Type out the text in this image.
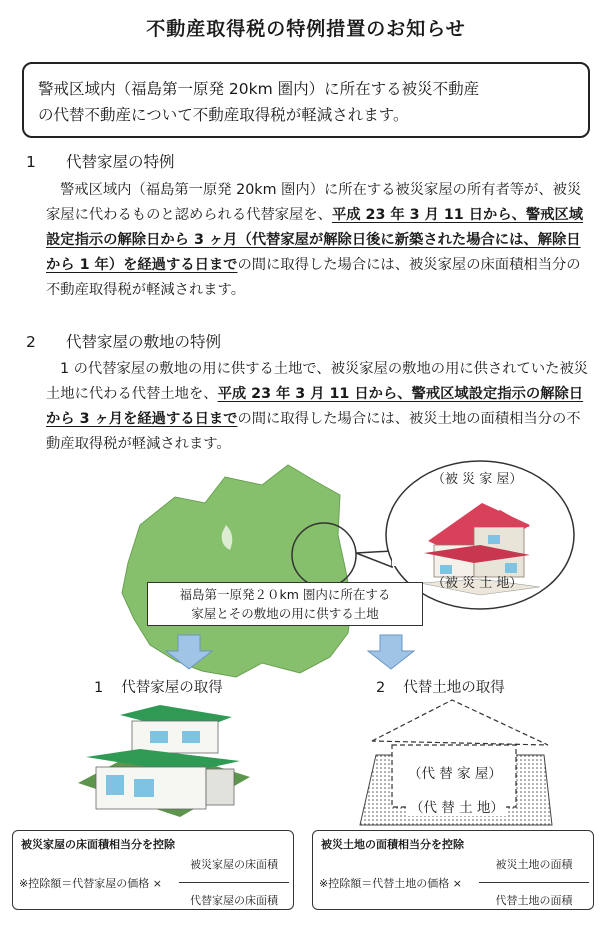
不動産取得税の特例措置のお知らせ
警戒区域内（福島第一原発 20km 圏内）に所在する被災不動産
の代替不動産について不動産取得税が軽減されます。
1 代替家屋の特例
警戒区域内（福島第一原発 20km 圏内）に所在する被災家屋の所有者等が、被災家屋に代わるものと認められる代替家屋を、平成 23 年 3 月 11 日から、警戒区域設定指示の解除日から 3 ヶ月（代替家屋が解除日後に新築された場合には、解除日から 1 年）を経過する日までの間に取得した場合には、被災家屋の床面積相当分の不動産取得税が軽減されます。
2 代替家屋の敷地の特例
1 の代替家屋の敷地の用に供する土地で、被災家屋の敷地の用に供されていた被災土地に代わる代替土地を、平成 23 年 3 月 11 日から、警戒区域設定指示の解除日から 3 ヶ月を経過する日までの間に取得した場合には、被災土地の面積相当分の不動産取得税が軽減されます。
（被 災 家 屋）
（被 災 土 地）
福島第一原発２０km 圏内に所在する
家屋とその敷地の用に供する土地
1 代替家屋の取得	2 代替土地の取得
（代 替 家 屋）
（代 替 土 地）
被災家屋の床面積相当分を控除
※控除額＝代替家屋の価格 ×
被災家屋の床面積
代替家屋の床面積
被災土地の面積相当分を控除
※控除額＝代替土地の価格 ×
被災土地の面積
代替土地の面積
